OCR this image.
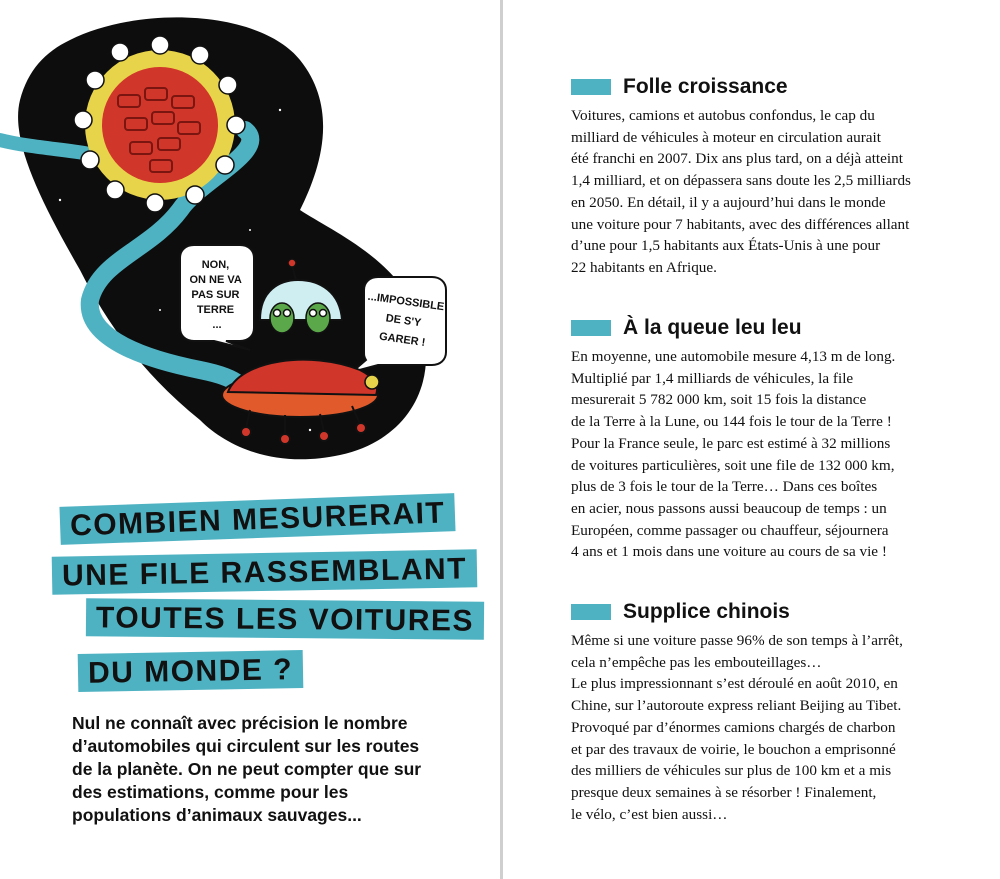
NON, ON NE VA PAS SUR TERRE ...
...IMPOSSIBLE DE S'Y GARER !
COMBIEN MESURERAIT
UNE FILE RASSEMBLANT
TOUTES LES VOITURES
DU MONDE ?

Nul ne connaît avec précision le nombre d’automobiles qui circulent sur les routes de la planète. On ne peut compter que sur des estimations, comme pour les populations d’animaux sauvages...

Folle croissance

Voitures, camions et autobus confondus, le cap du
milliard de véhicules à moteur en circulation aurait
été franchi en 2007. Dix ans plus tard, on a déjà atteint
1,4 milliard, et on dépassera sans doute les 2,5 milliards
en 2050. En détail, il y a aujourd’hui dans le monde
une voiture pour 7 habitants, avec des différences allant
d’une pour 1,5 habitants aux États-Unis à une pour
22 habitants en Afrique.

À la queue leu leu

En moyenne, une automobile mesure 4,13 m de long.
Multiplié par 1,4 milliards de véhicules, la file
mesurerait 5 782 000 km, soit 15 fois la distance
de la Terre à la Lune, ou 144 fois le tour de la Terre !
Pour la France seule, le parc est estimé à 32 millions
de voitures particulières, soit une file de 132 000 km,
plus de 3 fois le tour de la Terre… Dans ces boîtes
en acier, nous passons aussi beaucoup de temps : un
Européen, comme passager ou chauffeur, séjournera
4 ans et 1 mois dans une voiture au cours de sa vie !

Supplice chinois

Même si une voiture passe 96% de son temps à l’arrêt,
cela n’empêche pas les embouteillages…
Le plus impressionnant s’est déroulé en août 2010, en
Chine, sur l’autoroute express reliant Beijing au Tibet.
Provoqué par d’énormes camions chargés de charbon
et par des travaux de voirie, le bouchon a emprisonné
des milliers de véhicules sur plus de 100 km et a mis
presque deux semaines à se résorber ! Finalement,
le vélo, c’est bien aussi…
